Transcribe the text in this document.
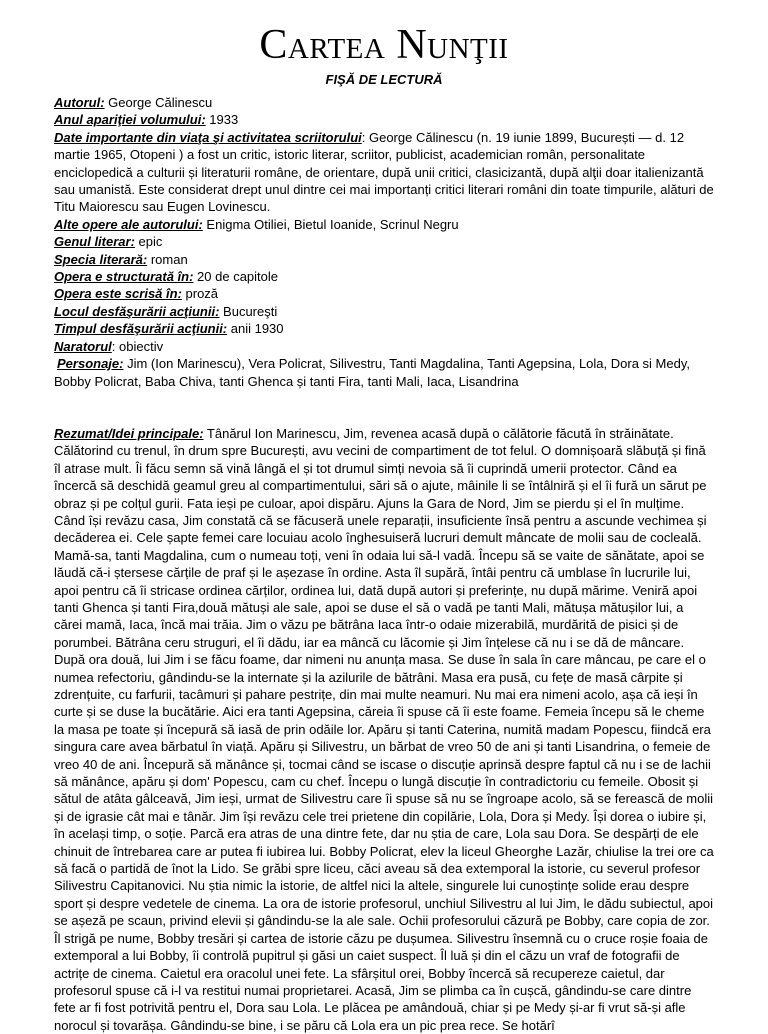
Cartea Nunţii
FIŞĂ DE LECTURĂ

Autorul: George Călinescu

Anul apariţiei volumului: 1933

Date importante din viaţa şi activitatea scriitorului: George Călinescu (n. 19 iunie 1899, București — d. 12 martie 1965, Otopeni ) a fost un critic, istoric literar, scriitor, publicist, academician român, personalitate enciclopedică a culturii și literaturii române, de orientare, după unii critici, clasicizantă, după alţii doar italienizantă sau umanistă. Este considerat drept unul dintre cei mai importanți critici literari români din toate timpurile, alături de Titu Maiorescu sau Eugen Lovinescu.

Alte opere ale autorului: Enigma Otiliei, Bietul Ioanide, Scrinul Negru

Genul literar: epic

Specia literară: roman

Opera e structurată în: 20 de capitole

Opera este scrisă în: proză

Locul desfăşurării acţiunii: Bucureşti

Timpul desfăşurării acţiunii: anii 1930

Naratorul: obiectiv

Personaje: Jim (Ion Marinescu), Vera Policrat, Silivestru, Tanti Magdalina, Tanti Agepsina, Lola, Dora si Medy, Bobby Policrat, Baba Chiva, tanti Ghenca și tanti Fira, tanti Mali, Iaca, Lisandrina

Rezumat/Idei principale: Tânărul Ion Marinescu, Jim, revenea acasă după o călătorie făcută în străinătate. Călătorind cu trenul, în drum spre București, avu vecini de compartiment de tot felul. O domnișoară slăbuță și fină îl atrase mult. Îi făcu semn să vină lângă el și tot drumul simți nevoia să îi cuprindă umerii protector. Când ea încercă să deschidă geamul greu al compartimentului, sări să o ajute, mâinile li se întâlniră și el îi fură un sărut pe obraz și pe colțul gurii. Fata ieși pe culoar, apoi dispăru. Ajuns la Gara de Nord, Jim se pierdu și el în mulțime. Când își revăzu casa, Jim constată că se făcuseră unele reparații, insuficiente însă pentru a ascunde vechimea și decăderea ei. Cele șapte femei care locuiau acolo înghesuiseră lucruri demult mâncate de molii sau de cocleală. Mamă-sa, tanti Magdalina, cum o numeau toți, veni în odaia lui să-l vadă. Începu să se vaite de sănătate, apoi se lăudă că-i ștersese cărțile de praf și le așezase în ordine. Asta îl supără, întâi pentru că umblase în lucrurile lui, apoi pentru că îi stricase ordinea cărților, ordinea lui, dată după autori și preferințe, nu după mărime. Veniră apoi tanti Ghenca și tanti Fira,două mătuși ale sale, apoi se duse el să o vadă pe tanti Mali, mătușa mătușilor lui, a cărei mamă, Iaca, încă mai trăia. Jim o văzu pe bătrâna Iaca într-o odaie mizerabilă, murdărită de pisici și de porumbei. Bătrâna ceru struguri, el îi dădu, iar ea mâncă cu lăcomie și Jim înțelese că nu i se dă de mâncare. După ora două, lui Jim i se făcu foame, dar nimeni nu anunța masa. Se duse în sala în care mâncau, pe care el o numea refectoriu, gândindu-se la internate și la azilurile de bătrâni. Masa era pusă, cu fețe de masă cârpite și zdrențuite, cu farfurii, tacâmuri și pahare pestrițe, din mai multe neamuri. Nu mai era nimeni acolo, așa că ieși în curte și se duse la bucătărie. Aici era tanti Agepsina, căreia îi spuse că îi este foame. Femeia începu să le cheme la masa pe toate și începură să iasă de prin odăile lor. Apăru și tanti Caterina, numită madam Popescu, fiindcă era singura care avea bărbatul în viață. Apăru și Silivestru, un bărbat de vreo 50 de ani și tanti Lisandrina, o femeie de vreo 40 de ani. Începură să mănânce și, tocmai când se iscase o discuție aprinsă despre faptul că nu i se de lachii să mănânce, apăru și dom' Popescu, cam cu chef. Începu o lungă discuție în contradictoriu cu femeile. Obosit și sătul de atâta gâlceavă, Jim ieși, urmat de Silivestru care îi spuse să nu se îngroape acolo, să se ferească de molii și de igrasie cât mai e tânăr. Jim își revăzu cele trei prietene din copilărie, Lola, Dora și Medy. Își dorea o iubire și, în același timp, o soție. Parcă era atras de una dintre fete, dar nu știa de care, Lola sau Dora. Se despărți de ele chinuit de întrebarea care ar putea fi iubirea lui. Bobby Policrat, elev la liceul Gheorghe Lazăr, chiulise la trei ore ca să facă o partidă de înot la Lido. Se grăbi spre liceu, căci aveau să dea extemporal la istorie, cu severul profesor Silivestru Capitanovici. Nu știa nimic la istorie, de altfel nici la altele, singurele lui cunoștințe solide erau despre sport și despre vedetele de cinema. La ora de istorie profesorul, unchiul Silivestru al lui Jim, le dădu subiectul, apoi se așeză pe scaun, privind elevii și gândindu-se la ale sale. Ochii profesorului căzură pe Bobby, care copia de zor. Îl strigă pe nume, Bobby tresări și cartea de istorie căzu pe dușumea. Silivestru însemnă cu o cruce roșie foaia de extemporal a lui Bobby, îi controlă pupitrul și găsi un caiet suspect. Îl luă și din el căzu un vraf de fotografii de actrițe de cinema. Caietul era oracolul unei fete. La sfârșitul orei, Bobby încercă să recupereze caietul, dar profesorul spuse că i-l va restitui numai proprietarei. Acasă, Jim se plimba ca în cușcă, gândindu-se care dintre fete ar fi fost potrivită pentru el, Dora sau Lola. Le plăcea pe amândouă, chiar și pe Medy și-ar fi vrut să-și afle norocul și tovarășa. Gândindu-se bine, i se păru că Lola era un pic prea rece. Se hotărî
